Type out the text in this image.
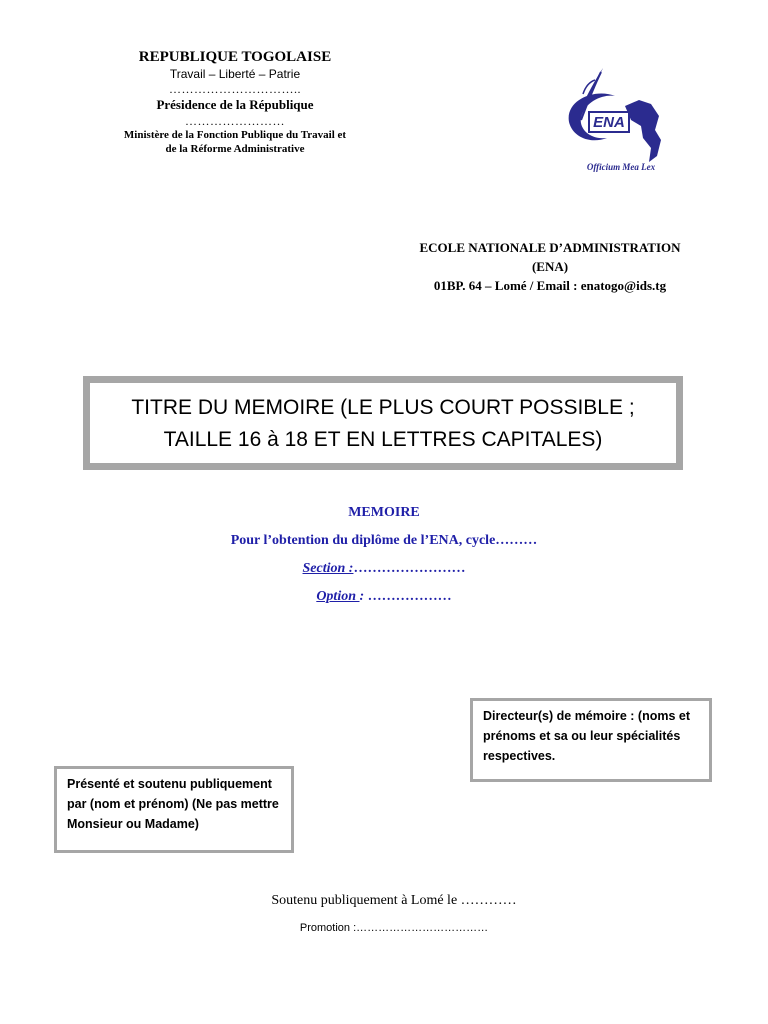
REPUBLIQUE TOGOLAISE
Travail – Liberté – Patrie
…………………………..
Présidence de la République
……………………
Ministère de la Fonction Publique du Travail et
de la Réforme Administrative
ENA
Officium Mea Lex
ECOLE NATIONALE D’ADMINISTRATION
(ENA)
01BP. 64 – Lomé / Email : enatogo@ids.tg
TITRE DU MEMOIRE (LE PLUS COURT POSSIBLE ;
TAILLE 16 à 18 ET EN LETTRES CAPITALES)
MEMOIRE
Pour l’obtention du diplôme de l’ENA, cycle………
Section :……………………
Option : ………………
Directeur(s) de mémoire : (noms et prénoms et sa ou leur spécialités respectives.
Présenté et soutenu publiquement par (nom et prénom) (Ne pas mettre Monsieur ou Madame)
Soutenu publiquement à Lomé le …………
Promotion :………………………………
